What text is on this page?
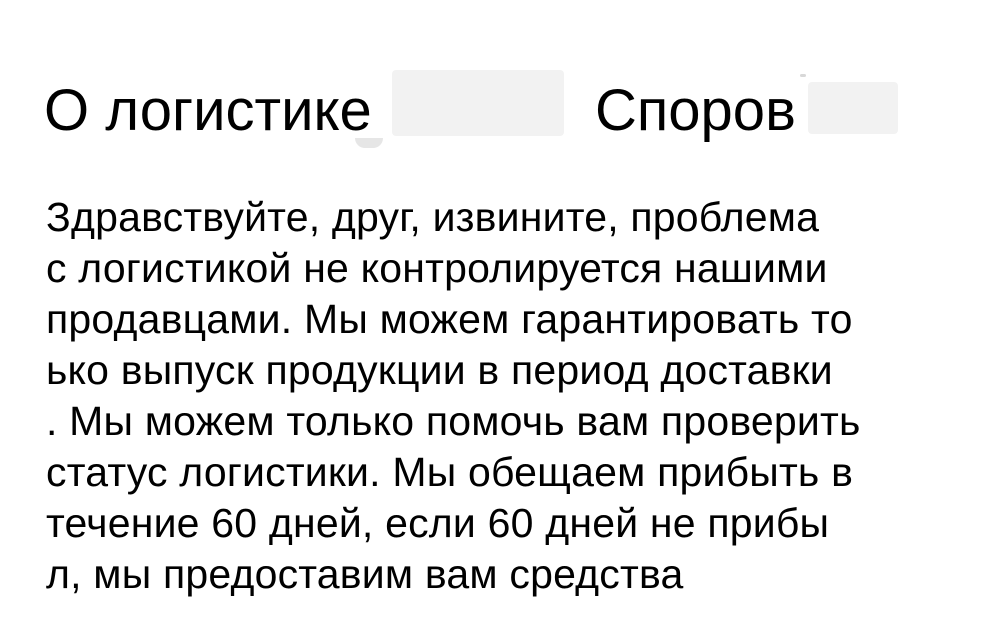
О логистике	Споров
Здравствуйте, друг, извините, проблема
с логистикой не контролируется нашими
продавцами. Мы можем гарантировать то
ько выпуск продукции в период доставки
. Мы можем только помочь вам проверить
статус логистики. Мы обещаем прибыть в
течение 60 дней, если 60 дней не прибы
л, мы предоставим вам средства
